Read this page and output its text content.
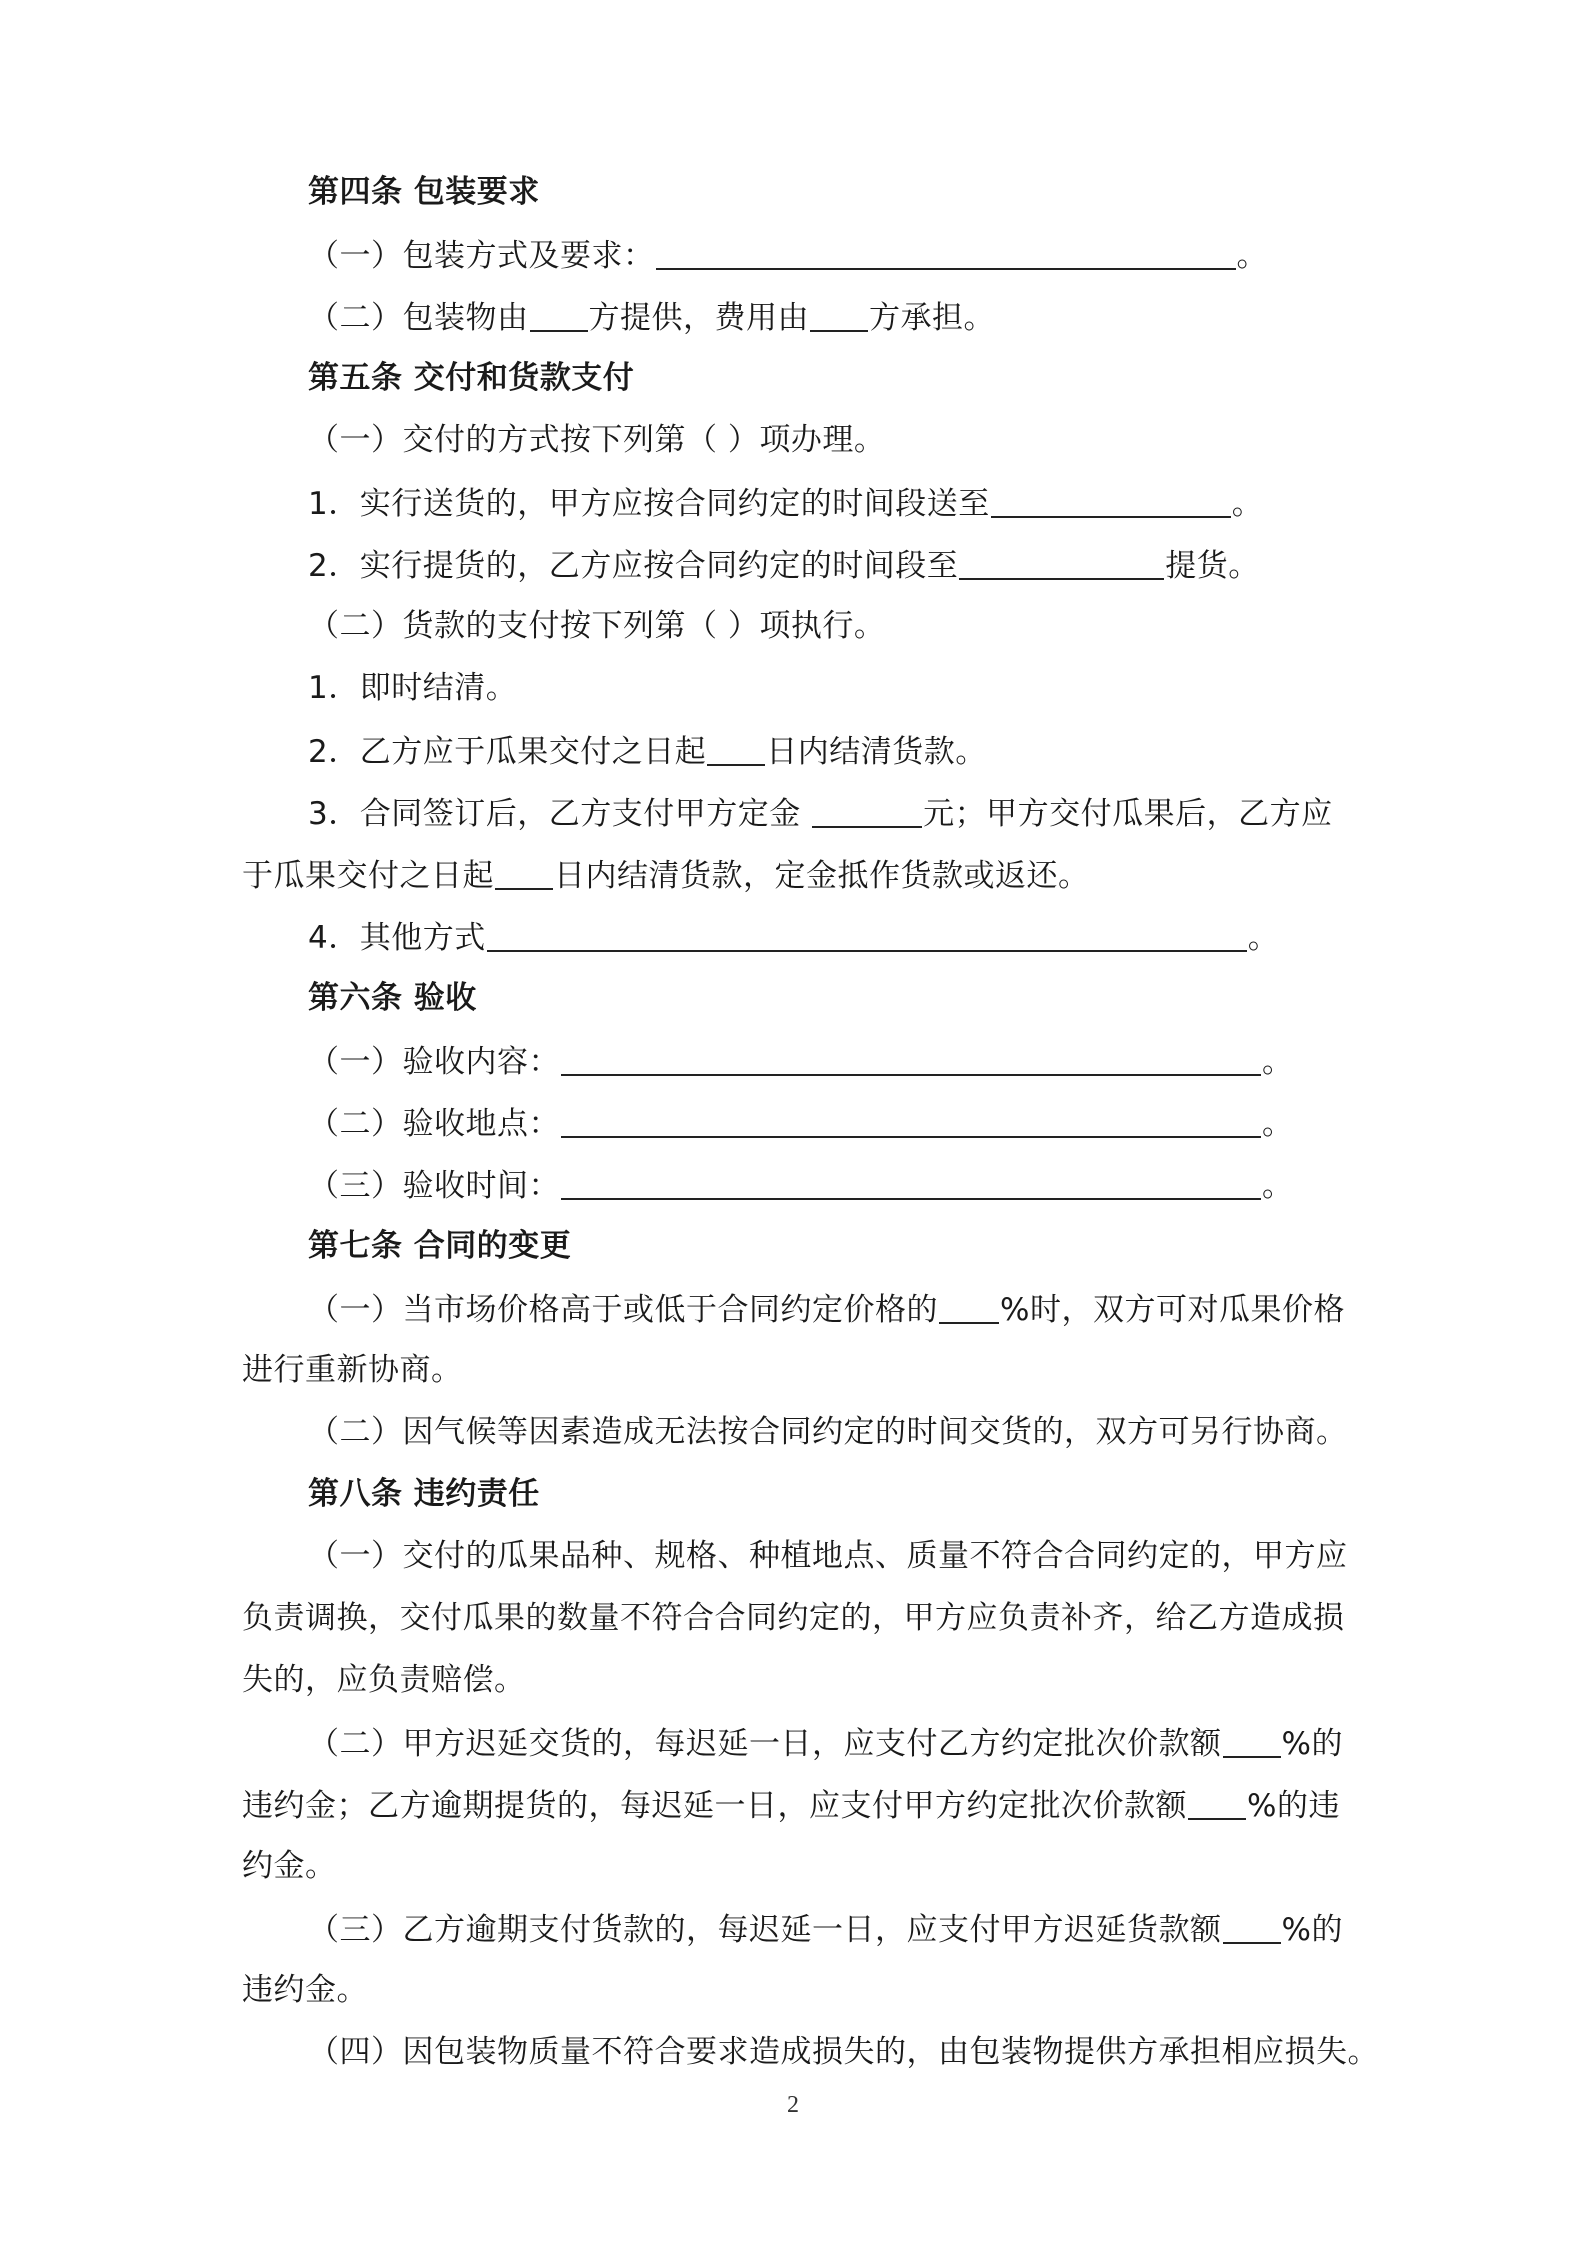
第四条 包装要求
（一）包装方式及要求：	。
（二）包装物由 方提供，费用由 方承担。
第五条 交付和货款支付
（一）交付的方式按下列第（ ）项办理。
1．实行送货的，甲方应按合同约定的时间段送至	。
2．实行提货的，乙方应按合同约定的时间段至	提货。
（二）货款的支付按下列第（ ）项执行。
1．即时结清。
2．乙方应于瓜果交付之日起 日内结清货款。
3．合同签订后，乙方支付甲方定金	元；甲方交付瓜果后，乙方应
于瓜果交付之日起 日内结清货款，定金抵作货款或返还。
4．其他方式	。
第六条 验收
（一）验收内容：	。
（二）验收地点：	。
（三）验收时间：	。
第七条 合同的变更
（一）当市场价格高于或低于合同约定价格的 %时，双方可对瓜果价格
进行重新协商。
（二）因气候等因素造成无法按合同约定的时间交货的，双方可另行协商。
第八条 违约责任
（一）交付的瓜果品种、规格、种植地点、质量不符合合同约定的，甲方应
负责调换，交付瓜果的数量不符合合同约定的，甲方应负责补齐，给乙方造成损
失的，应负责赔偿。
（二）甲方迟延交货的，每迟延一日，应支付乙方约定批次价款额 %的
违约金；乙方逾期提货的，每迟延一日，应支付甲方约定批次价款额 %的违
约金。
（三）乙方逾期支付货款的，每迟延一日，应支付甲方迟延货款额 %的
违约金。
（四）因包装物质量不符合要求造成损失的，由包装物提供方承担相应损失。
2
